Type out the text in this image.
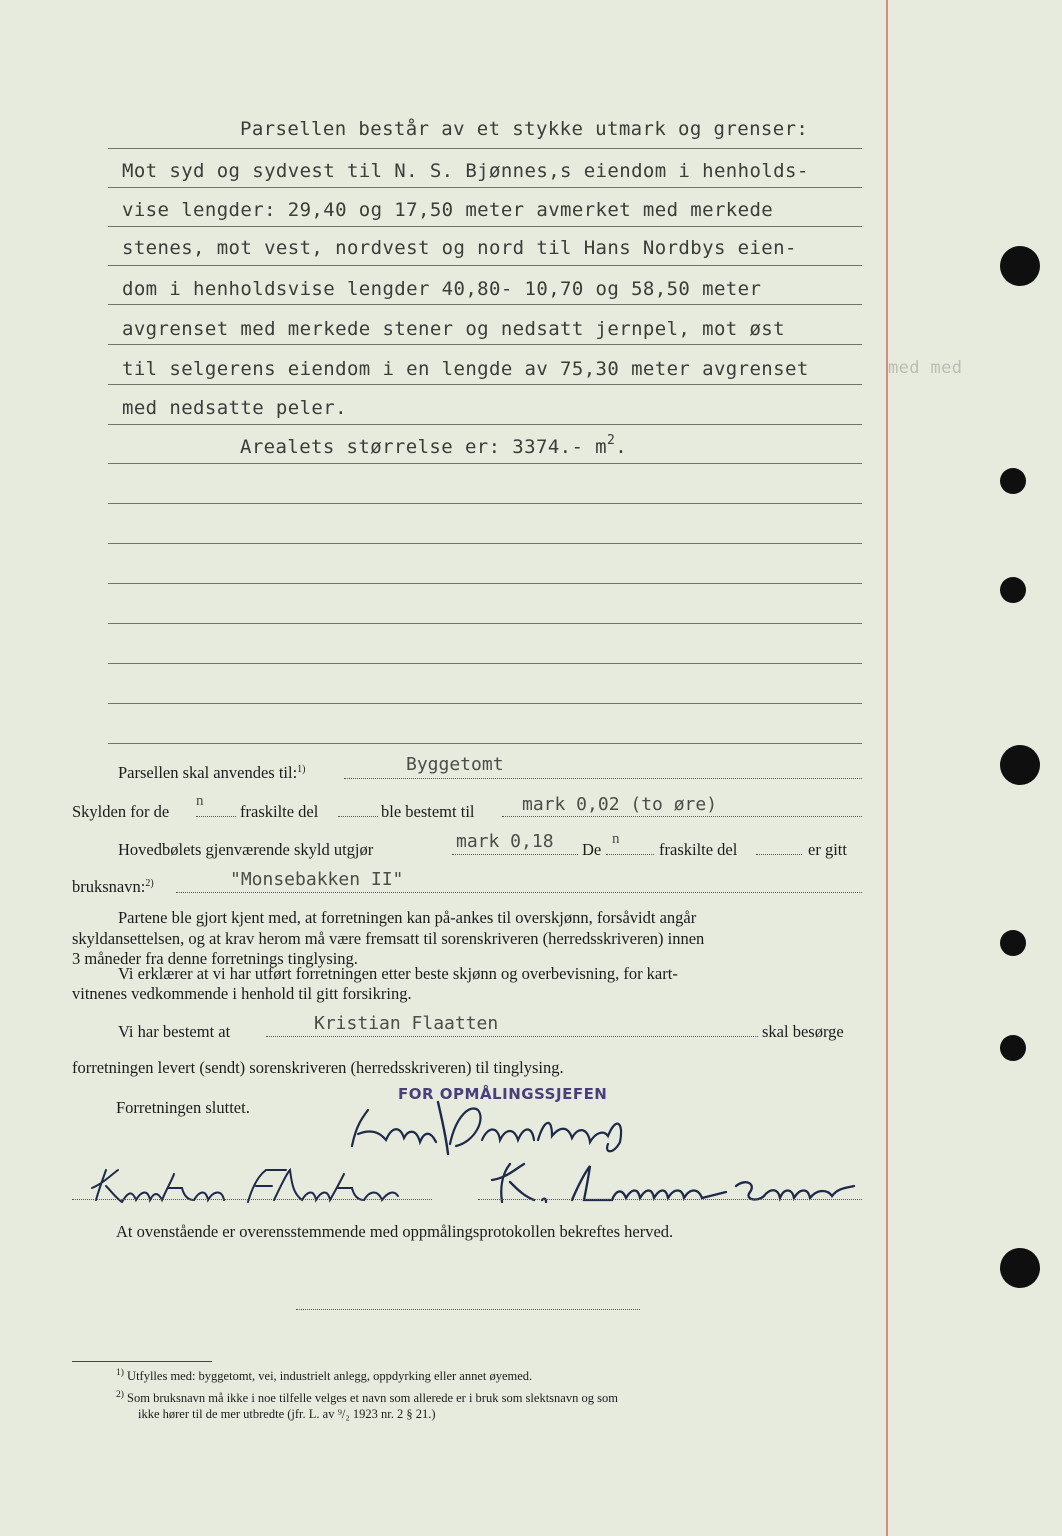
Parsellen består av et stykke utmark og grenser:
Mot syd og sydvest til N. S. Bjønnes,s eiendom i henholds-
vise lengder: 29,40 og 17,50 meter avmerket med merkede
stenes, mot vest, nordvest og nord til Hans Nordbys eien-
dom i henholdsvise lengder 40,80- 10,70 og 58,50 meter
avgrenset med merkede stener og nedsatt jernpel, mot øst
til selgerens eiendom i en lengde av 75,30 meter avgrenset	med med
med nedsatte peler.
Arealets størrelse er: 3374.- $m^2$.
Parsellen skal anvendes til:$^{1)}$	Byggetomt
Skylden for de
n
fraskilte del	ble bestemt til	mark 0,02 (to øre)
Hovedbølets gjenværende skyld utgjør	mark 0,18 De
n
fraskilte del	er gitt
bruksnavn:$^{2)}$	"Monsebakken II"
Partene ble gjort kjent med, at forretningen kan på-ankes til overskjønn, forsåvidt angår
skyldansettelsen, og at krav herom må være fremsatt til sorenskriveren (herredsskriveren) innen
3 måneder fra denne forretnings tinglysing.
Vi erklærer at vi har utført forretningen etter beste skjønn og overbevisning, for kart-
vitnenes vedkommende i henhold til gitt forsikring.
Vi har bestemt at	Kristian Flaatten	skal besørge
forretningen levert (sendt) sorenskriveren (herredsskriveren) til tinglysing.
FOR OPMÅLINGSSJEFEN
Forretningen sluttet.
At ovenstående er overensstemmende med oppmålingsprotokollen bekreftes herved.
$^{1)}$ Utfylles med: byggetomt, vei, industrielt anlegg, oppdyrking eller annet øyemed.
$^{2)}$ Som bruksnavn må ikke i noe tilfelle velges et navn som allerede er i bruk som slektsnavn og som
ikke hører til de mer utbredte (jfr. L. av ⁹/₂ 1923 nr. 2 § 21.)
